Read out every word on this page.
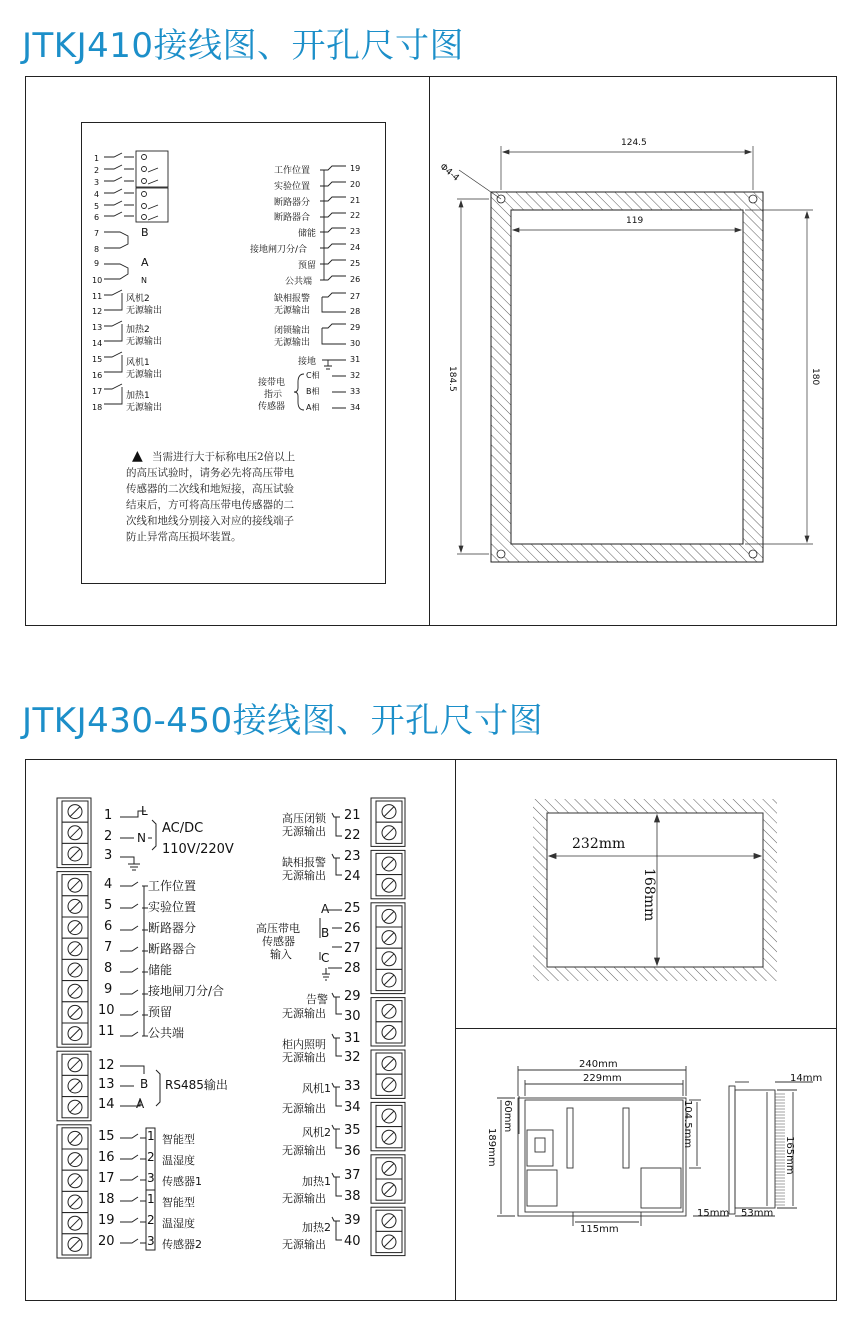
JTKJ410接线图、开孔尺寸图
1
2
3
4
5
6
7
8
9
10
11
12
13
14
15
16
17
18
B
A
N
风机2
无源输出
加热2
无源输出
风机1
无源输出
加热1
无源输出
工作位置
实验位置
断路器分
断路器合
储能
接地闸刀分/合
预留
公共端
19
20
21
22
23
24
25
26
缺相报警
无源输出
27
28
闭锁输出
无源输出
29
30
接地	31
接带电
指示
传感器
C相
B相
A相
32
33
34
▲ 当需进行大于标称电压2倍以上
的高压试验时，请务必先将高压带电
传感器的二次线和地短接，高压试验
结束后，方可将高压带电传感器的二
次线和地线分别接入对应的接线端子
防止异常高压损坏装置。
124.5
119
Φ4-4
184.5	180
JTKJ430-450接线图、开孔尺寸图
1 L
2 N
3
4	工作位置
5	实验位置
6	断路器分
7	断路器合
8	储能
9	接地闸刀分/合
10	预留
11	公共端
12
13 B
14 A
15	1
16	2
17	3
18	1
19	2
20	3
21
22
23
24
25
26
27
28
29
30
31
32
33
34
35
36
37
38
39
40
AC/DC
110V/220V
RS485输出
智能型
温湿度
传感器1
智能型
温湿度
传感器2
高压闭锁
无源输出
缺相报警
无源输出
告警
无源输出
柜内照明
无源输出
风机1
无源输出
风机2
无源输出
加热1
无源输出
加热2
无源输出
高压带电
传感器
输入
A
B
C
232mm
168mm
240mm
229mm
189mm
60mm	104.5mm
115mm
14mm
165mm
15mm 53mm
